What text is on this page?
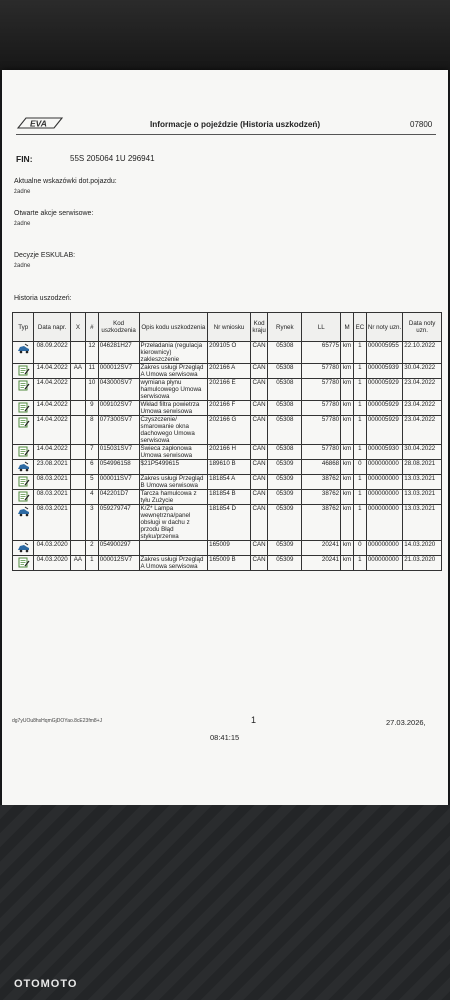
EVA	Informacje o pojeździe (Historia uszkodzeń)	07800
FIN:	55S 205064 1U 296941
Aktualne wskazówki dot.pojazdu:
żadne
Otwarte akcje serwisowe:
żadne
Decyzje ESKULAB:
żadne
Historia uszodzeń:
Typ	Data napr.	X	#	Kod uszkodzenia	Opis kodu uszkodzenia	Nr wniosku	Kod kraju	Rynek	LL	M	EC	Nr noty uzn.	Data noty uzn.
	08.09.2022		12	046281H27	Przeładania (regulacja kierownicy) zakleszczenie	209105 O	CAN	05308	65775	km	1	000005955	22.10.2022
	14.04.2022	AA	11	000012SV7	Zakres usługi Przegląd A Umowa serwisowa	202166 A	CAN	05308	57780	km	1	000005939	30.04.2022
	14.04.2022		10	043000SV7	wymiana płynu hamulcowego Umowa serwisowa	202166 E	CAN	05308	57780	km	1	000005929	23.04.2022
	14.04.2022		9	009102SV7	Wkład filtra powietrza Umowa serwisowa	202166 F	CAN	05308	57780	km	1	000005929	23.04.2022
	14.04.2022		8	077300SV7	Czyszczenie/ smarowanie okna dachowego Umowa serwisowa	202166 G	CAN	05308	57780	km	1	000005929	23.04.2022
	14.04.2022		7	015031SV7	Świeca zapłonowa Umowa serwisowa	202166 H	CAN	05308	57780	km	1	000005930	30.04.2022
	23.08.2021		6	054996158	$21P5499615	189610 B	CAN	05309	46868	km	0	000000000	28.08.2021
	08.03.2021		5	000011SV7	Zakres usługi Przegląd B Umowa serwisowa	181854 A	CAN	05309	38762	km	1	000000000	13.03.2021
	08.03.2021		4	042201D7	Tarcza hamulcowa z tyłu Zużycie	181854 B	CAN	05309	38762	km	1	000000000	13.03.2021
	08.03.2021		3	059279747	K/Z* Lampa wewnętrzna/panel obsługi w dachu z przodu Błąd styku/przerwa	181854 D	CAN	05309	38762	km	1	000000000	13.03.2021
	04.03.2020		2	054900297		165009	CAN	05309	20241	km	0	000000000	14.03.2020
	04.03.2020	AA	1	000012SV7	Zakres usługi Przegląd A Umowa serwisowa	165009 B	CAN	05309	20241	km	1	000000000	21.03.2020
dg7yUOu8hsHqmGjDOYao.8cE23fm8+J	1	27.03.2026,
08:41:15
OTOMOTO
